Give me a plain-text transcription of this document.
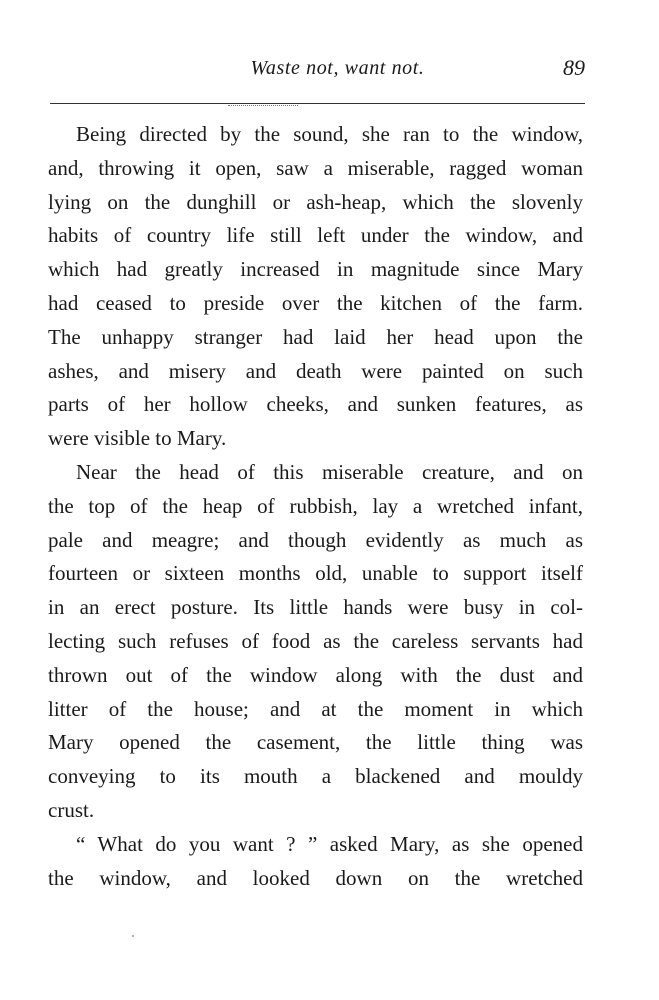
Waste not, want not.	89
Being directed by the sound, she ran to the window,
and, throwing it open, saw a miserable, ragged woman
lying on the dunghill or ash-heap, which the slovenly
habits of country life still left under the window, and
which had greatly increased in magnitude since Mary
had ceased to preside over the kitchen of the farm.
The unhappy stranger had laid her head upon the
ashes, and misery and death were painted on such
parts of her hollow cheeks, and sunken features, as
were visible to Mary.
Near the head of this miserable creature, and on
the top of the heap of rubbish, lay a wretched infant,
pale and meagre; and though evidently as much as
fourteen or sixteen months old, unable to support itself
in an erect posture. Its little hands were busy in col-
lecting such refuses of food as the careless servants had
thrown out of the window along with the dust and
litter of the house; and at the moment in which
Mary opened the casement, the little thing was
conveying to its mouth a blackened and mouldy
crust.
“ What do you want ? ” asked Mary, as she opened
the window, and looked down on the wretched
